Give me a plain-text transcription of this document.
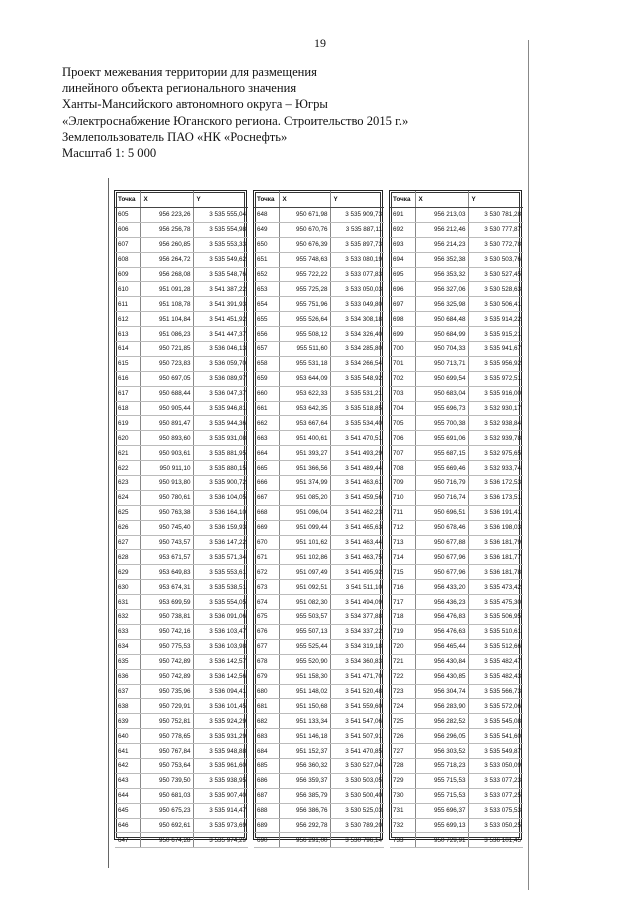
19
Проект межевания территории для размещения
линейного объекта регионального значения
Ханты-Мансийского автономного округа – Югры
«Электроснабжение Юганского региона. Строительство 2015 г.»
Землепользователь ПАО «НК «Роснефть»
Масштаб 1: 5 000
Точка	X	Y
605	956 223,26	3 535 555,04
606	956 256,78	3 535 554,98
607	956 260,85	3 535 553,33
608	956 264,72	3 535 549,62
609	956 268,08	3 535 548,76
610	951 091,28	3 541 387,22
611	951 108,78	3 541 391,93
612	951 104,84	3 541 451,92
613	951 086,23	3 541 447,37
614	950 721,85	3 536 046,13
615	950 723,83	3 536 059,70
616	950 697,05	3 536 089,97
617	950 688,44	3 536 047,37
618	950 905,44	3 535 946,81
619	950 891,47	3 535 944,36
620	950 893,60	3 535 931,08
621	950 903,61	3 535 881,95
622	950 911,10	3 535 880,15
623	950 913,80	3 535 900,72
624	950 780,61	3 536 104,05
625	950 763,38	3 536 164,10
626	950 745,40	3 536 159,93
627	950 743,57	3 536 147,22
628	953 671,57	3 535 571,34
629	953 649,83	3 535 553,61
630	953 674,31	3 535 538,51
631	953 699,59	3 535 554,05
632	950 738,81	3 536 091,06
633	950 742,16	3 536 103,47
634	950 775,53	3 536 103,98
635	950 742,89	3 536 142,57
636	950 742,89	3 536 142,56
637	950 735,96	3 536 094,41
638	950 729,91	3 536 101,45
639	950 752,81	3 535 924,29
640	950 778,65	3 535 931,29
641	950 767,84	3 535 948,88
642	950 753,64	3 535 961,60
643	950 739,50	3 535 938,95
644	950 681,03	3 535 907,40
645	950 675,23	3 535 914,47
646	950 692,61	3 535 973,69
647	950 674,28	3 535 974,29
Точка	X	Y
648	950 671,98	3 535 909,73
649	950 670,76	3 535 887,11
650	950 676,39	3 535 897,73
651	955 748,63	3 533 080,19
652	955 722,22	3 533 077,83
653	955 725,28	3 533 050,03
654	955 751,96	3 533 049,80
655	955 526,64	3 534 308,18
656	955 508,12	3 534 326,40
657	955 511,60	3 534 285,80
658	955 531,18	3 534 266,54
659	953 644,09	3 535 548,92
660	953 622,33	3 535 531,21
661	953 642,35	3 535 518,85
662	953 667,64	3 535 534,40
663	951 400,61	3 541 470,51
664	951 393,27	3 541 493,29
665	951 366,56	3 541 489,44
666	951 374,99	3 541 463,61
667	951 085,20	3 541 459,56
668	951 096,04	3 541 462,23
669	951 099,44	3 541 465,63
670	951 101,62	3 541 463,44
671	951 102,86	3 541 463,75
672	951 097,49	3 541 495,92
673	951 092,51	3 541 511,10
674	951 082,30	3 541 494,09
675	955 503,57	3 534 377,88
676	955 507,13	3 534 337,22
677	955 525,44	3 534 319,18
678	955 520,90	3 534 360,83
679	951 158,30	3 541 471,70
680	951 148,02	3 541 520,48
681	951 150,68	3 541 559,60
682	951 133,34	3 541 547,06
683	951 146,18	3 541 507,91
684	951 152,37	3 541 470,85
685	956 360,32	3 530 527,04
686	956 359,37	3 530 503,05
687	956 385,79	3 530 500,40
688	956 386,76	3 530 525,03
689	956 292,78	3 530 789,20
690	956 291,00	3 530 796,14
Точка	X	Y
691	956 213,03	3 530 781,28
692	956 212,46	3 530 777,87
693	956 214,23	3 530 772,78
694	956 352,38	3 530 503,76
695	956 353,32	3 530 527,45
696	956 327,06	3 530 528,63
697	956 325,98	3 530 506,41
698	950 684,48	3 535 914,22
699	950 684,99	3 535 915,21
700	950 704,33	3 535 941,67
701	950 713,71	3 535 956,92
702	950 699,54	3 535 972,51
703	950 683,04	3 535 916,00
704	955 696,73	3 532 930,17
705	955 700,38	3 532 938,84
706	955 691,06	3 532 939,78
707	955 687,15	3 532 975,65
708	955 669,46	3 532 933,74
709	950 716,79	3 536 172,53
710	950 716,74	3 536 173,51
711	950 696,51	3 536 191,41
712	950 678,46	3 536 198,03
713	950 677,88	3 536 181,79
714	950 677,96	3 536 181,77
715	950 677,96	3 536 181,78
716	956 433,20	3 535 473,42
717	956 436,23	3 535 475,30
718	956 476,83	3 535 506,95
719	956 476,63	3 535 510,61
720	956 465,44	3 535 512,66
721	956 430,84	3 535 482,47
722	956 430,85	3 535 482,43
723	956 304,74	3 535 566,73
724	956 283,90	3 535 572,06
725	956 282,52	3 535 545,08
726	956 296,05	3 535 541,60
727	956 303,52	3 535 549,87
728	955 718,23	3 533 050,09
729	955 715,53	3 533 077,23
730	955 715,53	3 533 077,25
731	955 696,37	3 533 075,53
732	955 699,13	3 533 050,25
733	950 729,91	3 536 101,45
